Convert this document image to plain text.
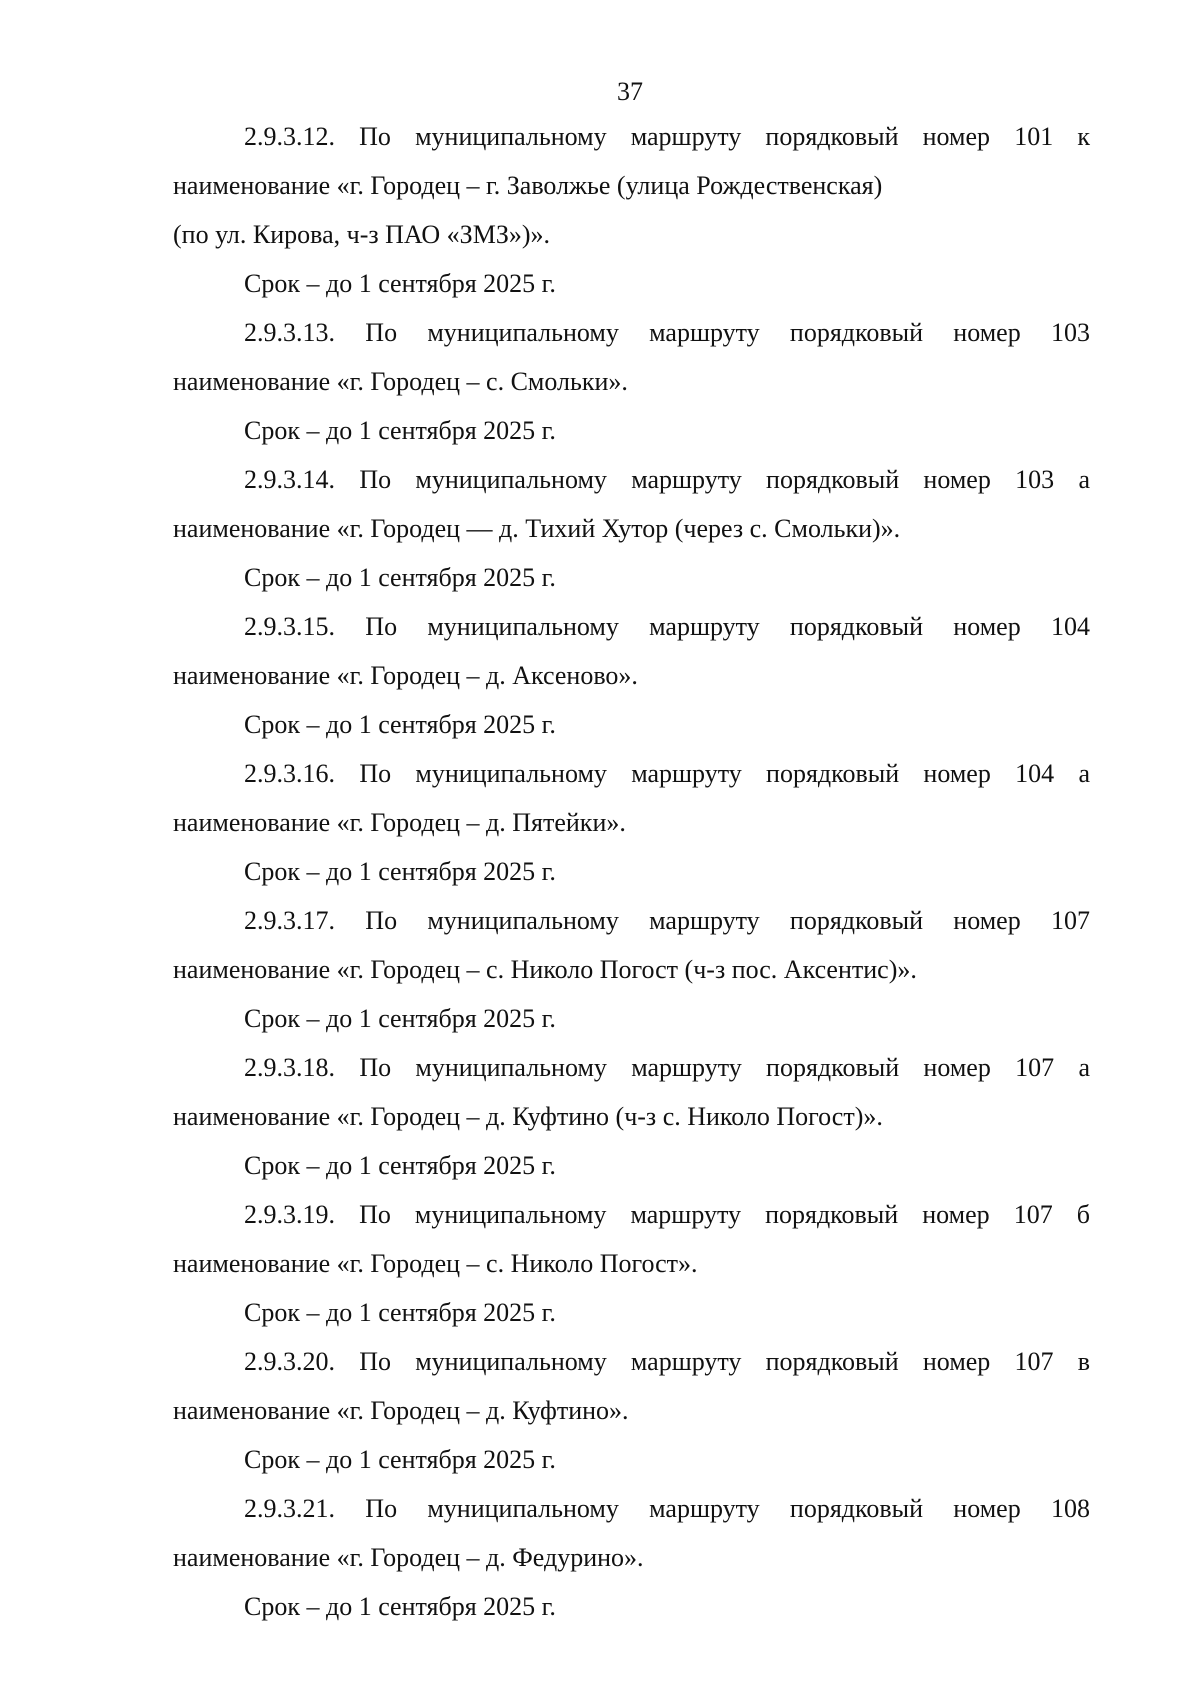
37

2.9.3.12. По муниципальному маршруту порядковый номер 101 к наименование «г. Городец – г. Заволжье (улица Рождественская)
(по ул. Кирова, ч-з ПАО «ЗМЗ»)».

Срок – до 1 сентября 2025 г.

2.9.3.13. По муниципальному маршруту порядковый номер 103

наименование «г. Городец – с. Смольки».

Срок – до 1 сентября 2025 г.

2.9.3.14. По муниципальному маршруту порядковый номер 103 а

наименование «г. Городец — д. Тихий Хутор (через с. Смольки)».

Срок – до 1 сентября 2025 г.

2.9.3.15. По муниципальному маршруту порядковый номер 104

наименование «г. Городец – д. Аксеново».

Срок – до 1 сентября 2025 г.

2.9.3.16. По муниципальному маршруту порядковый номер 104 а

наименование «г. Городец – д. Пятейки».

Срок – до 1 сентября 2025 г.

2.9.3.17. По муниципальному маршруту порядковый номер 107

наименование «г. Городец – с. Николо Погост (ч-з пос. Аксентис)».

Срок – до 1 сентября 2025 г.

2.9.3.18. По муниципальному маршруту порядковый номер 107 а

наименование «г. Городец – д. Куфтино (ч-з с. Николо Погост)».

Срок – до 1 сентября 2025 г.

2.9.3.19. По муниципальному маршруту порядковый номер 107 б

наименование «г. Городец – с. Николо Погост».

Срок – до 1 сентября 2025 г.

2.9.3.20. По муниципальному маршруту порядковый номер 107 в

наименование «г. Городец – д. Куфтино».

Срок – до 1 сентября 2025 г.

2.9.3.21. По муниципальному маршруту порядковый номер 108

наименование «г. Городец – д. Федурино».

Срок – до 1 сентября 2025 г.
